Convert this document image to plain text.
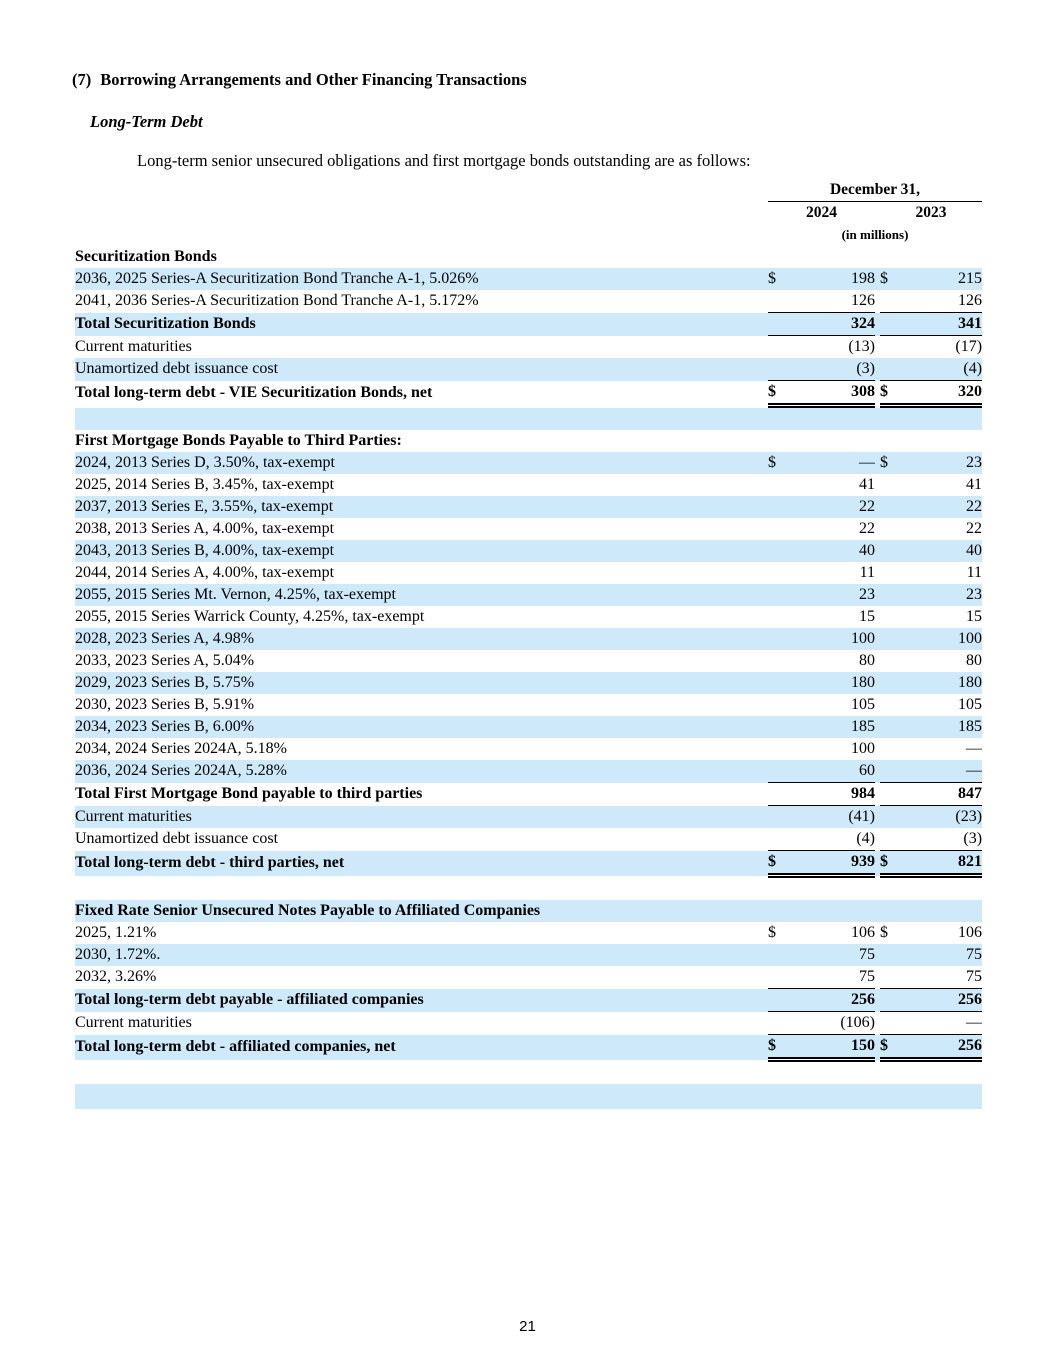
(7) Borrowing Arrangements and Other Financing Transactions
Long-Term Debt
Long-term senior unsecured obligations and first mortgage bonds outstanding are as follows:
	December 31,				
	2024			2023	
	(in millions)				
Securitization Bonds					
2036, 2025 Series-A Securitization Bond Tranche A-1, 5.026%	$	198		$	215
2041, 2036 Series-A Securitization Bond Tranche A-1, 5.172%		126			126
Total Securitization Bonds		324			341
Current maturities		(13)			(17)
Unamortized debt issuance cost		(3)			(4)
Total long-term debt - VIE Securitization Bonds, net	$	308		$	320

First Mortgage Bonds Payable to Third Parties:					
2024, 2013 Series D, 3.50%, tax-exempt	$	—		$	23
2025, 2014 Series B, 3.45%, tax-exempt		41			41
2037, 2013 Series E, 3.55%, tax-exempt		22			22
2038, 2013 Series A, 4.00%, tax-exempt		22			22
2043, 2013 Series B, 4.00%, tax-exempt		40			40
2044, 2014 Series A, 4.00%, tax-exempt		11			11
2055, 2015 Series Mt. Vernon, 4.25%, tax-exempt		23			23
2055, 2015 Series Warrick County, 4.25%, tax-exempt		15			15
2028, 2023 Series A, 4.98%		100			100
2033, 2023 Series A, 5.04%		80			80
2029, 2023 Series B, 5.75%		180			180
2030, 2023 Series B, 5.91%		105			105
2034, 2023 Series B, 6.00%		185			185
2034, 2024 Series 2024A, 5.18%		100			—
2036, 2024 Series 2024A, 5.28%		60			—
Total First Mortgage Bond payable to third parties		984			847
Current maturities		(41)			(23)
Unamortized debt issuance cost		(4)			(3)
Total long-term debt - third parties, net	$	939		$	821

Fixed Rate Senior Unsecured Notes Payable to Affiliated Companies					
2025, 1.21%	$	106		$	106
2030, 1.72%.		75			75
2032, 3.26%		75			75
Total long-term debt payable - affiliated companies		256			256
Current maturities		(106)			—
Total long-term debt - affiliated companies, net	$	150		$	256

21
